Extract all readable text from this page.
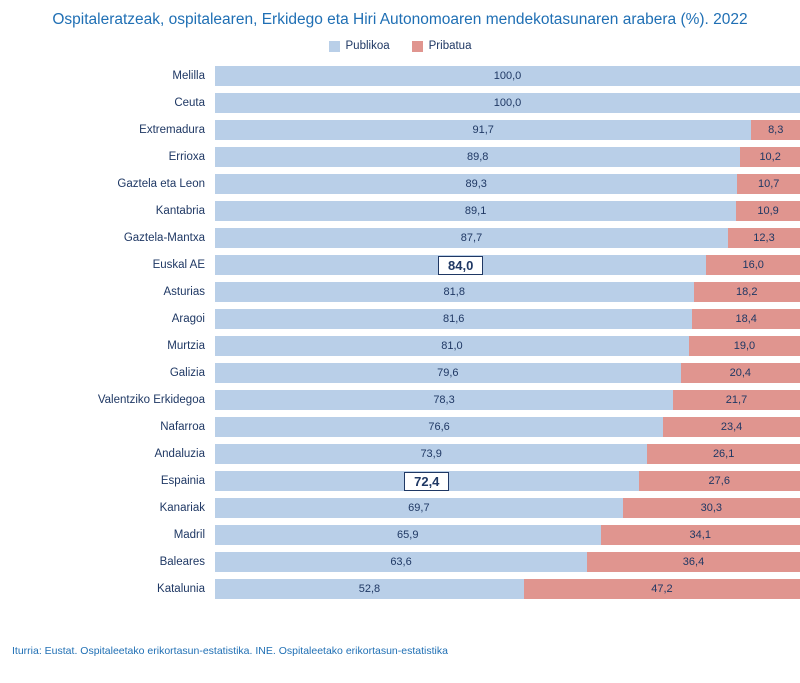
Ospitaleratzeak, ospitalearen, Erkidego eta Hiri Autonomoaren mendekotasunaren arabera (%). 2022
Publikoa	Pribatua
Melilla	100,0
Ceuta	100,0
Extremadura	91,7	8,3
Errioxa	89,8	10,2
Gaztela eta Leon	89,3	10,7
Kantabria	89,1	10,9
Gaztela-Mantxa	87,7	12,3
Euskal AE	84,0	16,0
Asturias	81,8	18,2
Aragoi	81,6	18,4
Murtzia	81,0	19,0
Galizia	79,6	20,4
Valentziko Erkidegoa	78,3	21,7
Nafarroa	76,6	23,4
Andaluzia	73,9	26,1
Espainia	72,4	27,6
Kanariak	69,7	30,3
Madril	65,9	34,1
Baleares	63,6	36,4
Katalunia	52,8	47,2
Iturria: Eustat. Ospitaleetako erikortasun-estatistika. INE. Ospitaleetako erikortasun-estatistika
